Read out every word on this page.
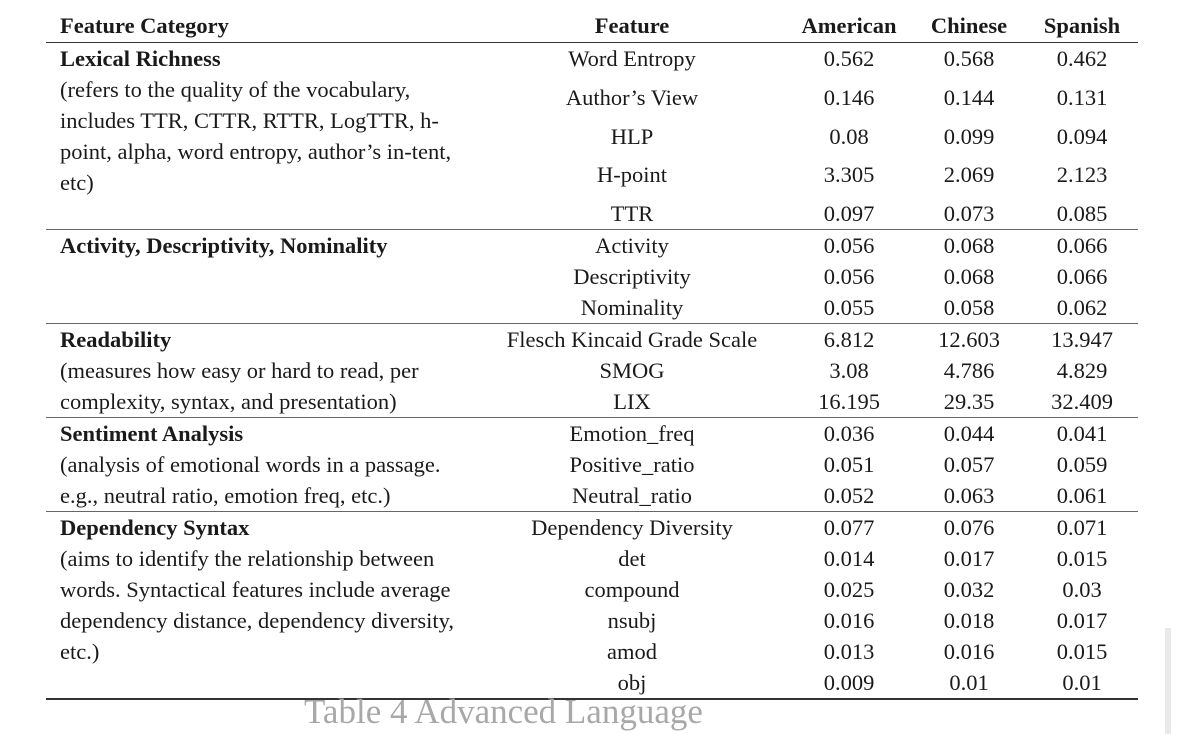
Feature Category	Feature	American	Chinese	Spanish

Lexical Richness
(refers to the quality of the vocabulary, includes TTR, CTTR, RTTR, LogTTR, h-point, alpha, word entropy, author’s in-tent, etc)	Word Entropy	0.562	0.568	0.462
	Author’s View	0.146	0.144	0.131
	HLP	0.08	0.099	0.094
	H-point	3.305	2.069	2.123

	TTR	0.097	0.073	0.085

Activity, Descriptivity, Nominality	Activity	0.056	0.068	0.066
	Descriptivity	0.056	0.068	0.066
	Nominality	0.055	0.058	0.062

Readability
(measures how easy or hard to read, per complexity, syntax, and presentation)	Flesch Kincaid Grade Scale	6.812	12.603	13.947
	SMOG	3.08	4.786	4.829
	LIX	16.195	29.35	32.409

Sentiment Analysis
(analysis of emotional words in a passage. e.g., neutral ratio, emotion freq, etc.)	Emotion_freq	0.036	0.044	0.041
	Positive_ratio	0.051	0.057	0.059
	Neutral_ratio	0.052	0.063	0.061

Dependency Syntax
(aims to identify the relationship between words. Syntactical features include average dependency distance, dependency diversity, etc.)	Dependency Diversity	0.077	0.076	0.071
	det	0.014	0.017	0.015
	compound	0.025	0.032	0.03
	nsubj	0.016	0.018	0.017
	amod	0.013	0.016	0.015
	obj	0.009	0.01	0.01
Table 4 Advanced Language
